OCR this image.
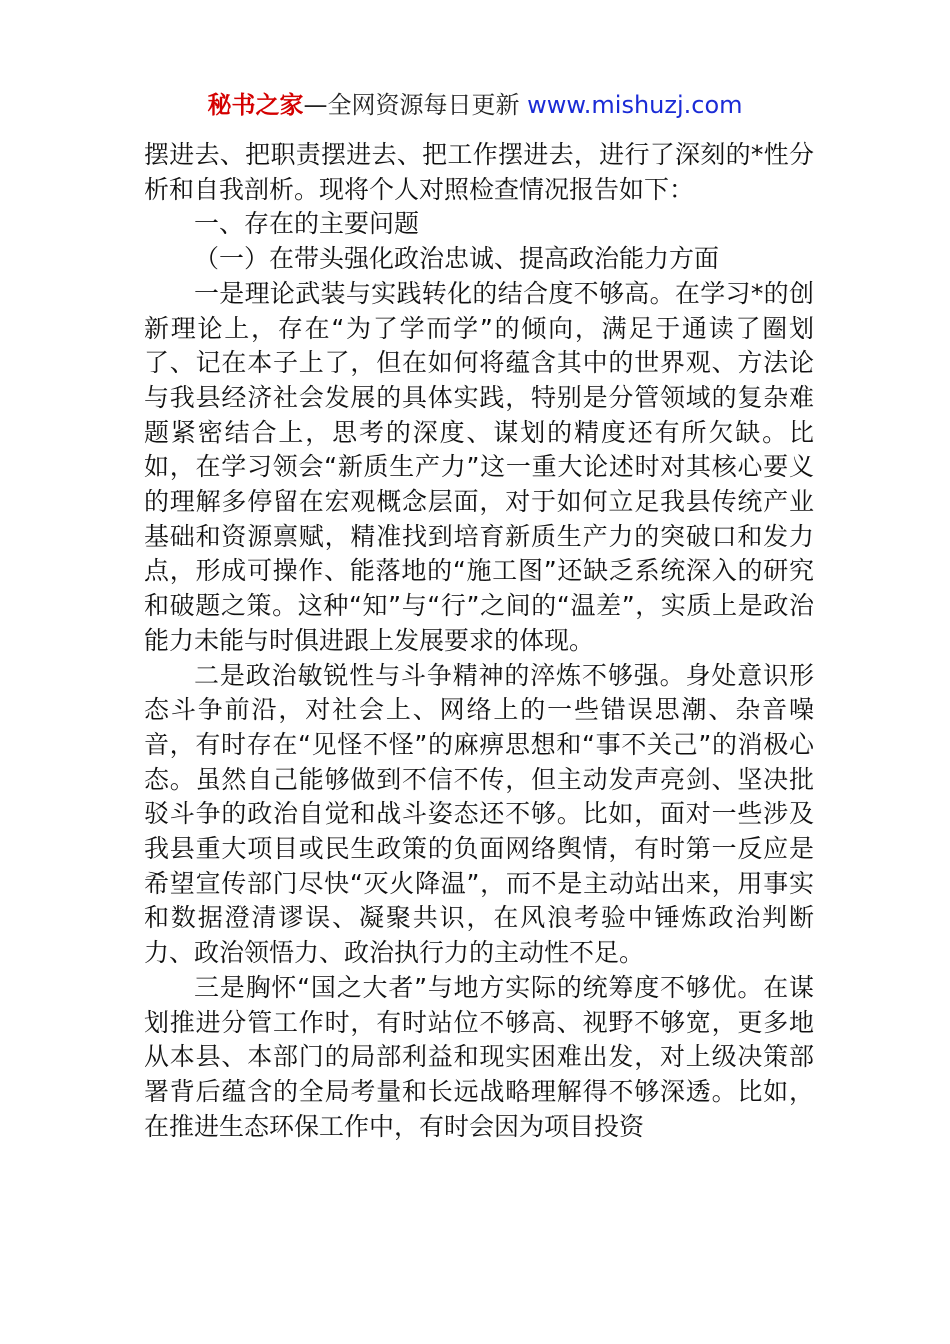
秘书之家—全网资源每日更新 www.mishuzj.com

摆进去、把职责摆进去、把工作摆进去，进行了深刻的*性分析和自我剖析。现将个人对照检查情况报告如下：

一、存在的主要问题

（一）在带头强化政治忠诚、提高政治能力方面

一是理论武装与实践转化的结合度不够高。在学习*的创新理论上，存在“为了学而学”的倾向，满足于通读了圈划了、记在本子上了，但在如何将蕴含其中的世界观、方法论与我县经济社会发展的具体实践，特别是分管领域的复杂难题紧密结合上，思考的深度、谋划的精度还有所欠缺。比如，在学习领会“新质生产力”这一重大论述时对其核心要义的理解多停留在宏观概念层面，对于如何立足我县传统产业基础和资源禀赋，精准找到培育新质生产力的突破口和发力点，形成可操作、能落地的“施工图”还缺乏系统深入的研究和破题之策。这种“知”与“行”之间的“温差”，实质上是政治能力未能与时俱进跟上发展要求的体现。

二是政治敏锐性与斗争精神的淬炼不够强。身处意识形态斗争前沿，对社会上、网络上的一些错误思潮、杂音噪音，有时存在“见怪不怪”的麻痹思想和“事不关己”的消极心态。虽然自己能够做到不信不传，但主动发声亮剑、坚决批驳斗争的政治自觉和战斗姿态还不够。比如，面对一些涉及我县重大项目或民生政策的负面网络舆情，有时第一反应是希望宣传部门尽快“灭火降温”，而不是主动站出来，用事实和数据澄清谬误、凝聚共识，在风浪考验中锤炼政治判断力、政治领悟力、政治执行力的主动性不足。

三是胸怀“国之大者”与地方实际的统筹度不够优。在谋划推进分管工作时，有时站位不够高、视野不够宽，更多地从本县、本部门的局部利益和现实困难出发，对上级决策部署背后蕴含的全局考量和长远战略理解得不够深透。比如，在推进生态环保工作中，有时会因为项目投资
